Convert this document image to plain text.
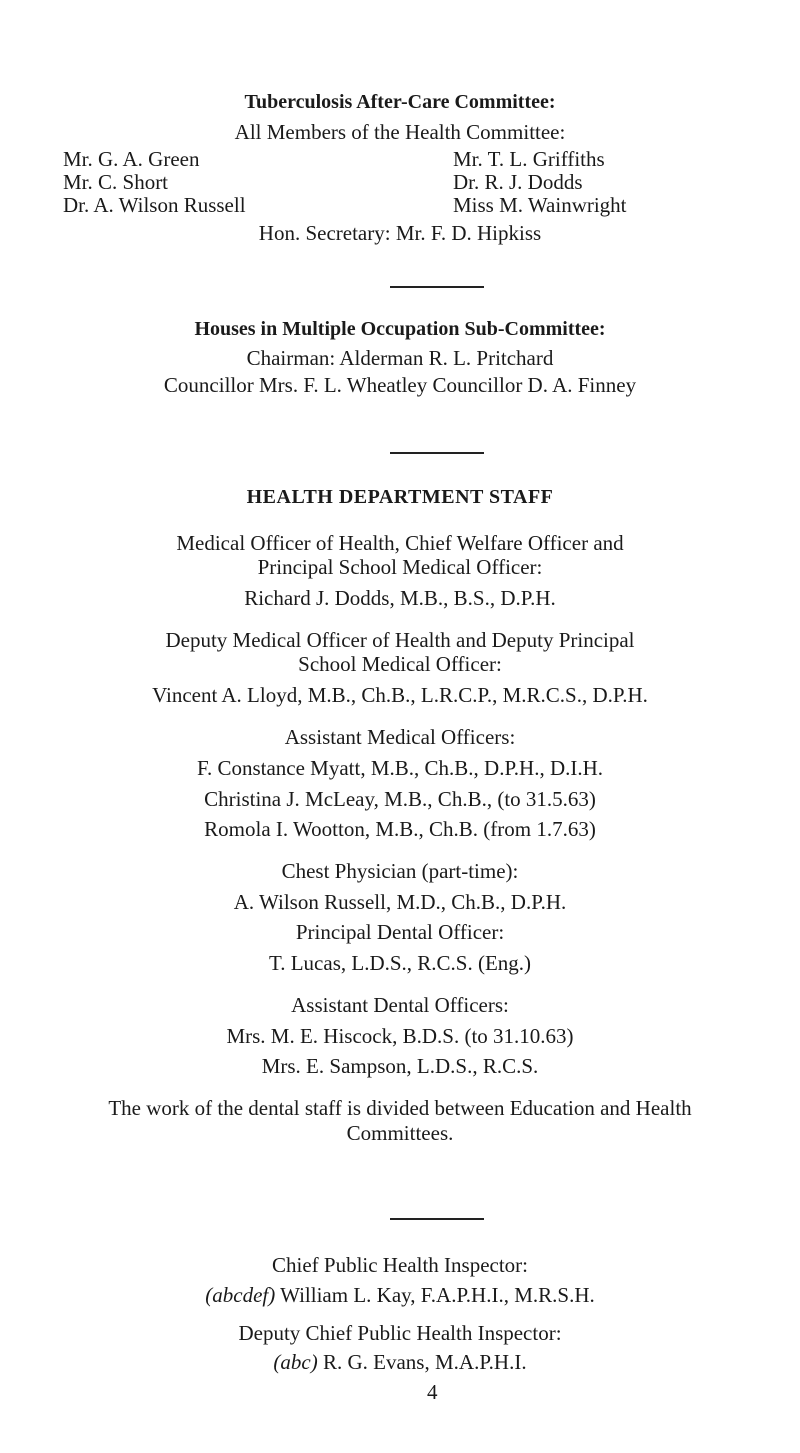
Tuberculosis After-Care Committee:
All Members of the Health Committee:
Mr. G. A. Green
Mr. C. Short
Dr. A. Wilson Russell
Mr. T. L. Griffiths
Dr. R. J. Dodds
Miss M. Wainwright
Hon. Secretary: Mr. F. D. Hipkiss
Houses in Multiple Occupation Sub-Committee:
Chairman: Alderman R. L. Pritchard
Councillor Mrs. F. L. Wheatley Councillor D. A. Finney
HEALTH DEPARTMENT STAFF
Medical Officer of Health, Chief Welfare Officer and
Principal School Medical Officer:
Richard J. Dodds, M.B., B.S., D.P.H.
Deputy Medical Officer of Health and Deputy Principal
School Medical Officer:
Vincent A. Lloyd, M.B., Ch.B., L.R.C.P., M.R.C.S., D.P.H.
Assistant Medical Officers:
F. Constance Myatt, M.B., Ch.B., D.P.H., D.I.H.
Christina J. McLeay, M.B., Ch.B., (to 31.5.63)
Romola I. Wootton, M.B., Ch.B. (from 1.7.63)
Chest Physician (part-time):
A. Wilson Russell, M.D., Ch.B., D.P.H.
Principal Dental Officer:
T. Lucas, L.D.S., R.C.S. (Eng.)
Assistant Dental Officers:
Mrs. M. E. Hiscock, B.D.S. (to 31.10.63)
Mrs. E. Sampson, L.D.S., R.C.S.
The work of the dental staff is divided between Education and Health
Committees.
Chief Public Health Inspector:
(abcdef) William L. Kay, F.A.P.H.I., M.R.S.H.
Deputy Chief Public Health Inspector:
(abc) R. G. Evans, M.A.P.H.I.
4
